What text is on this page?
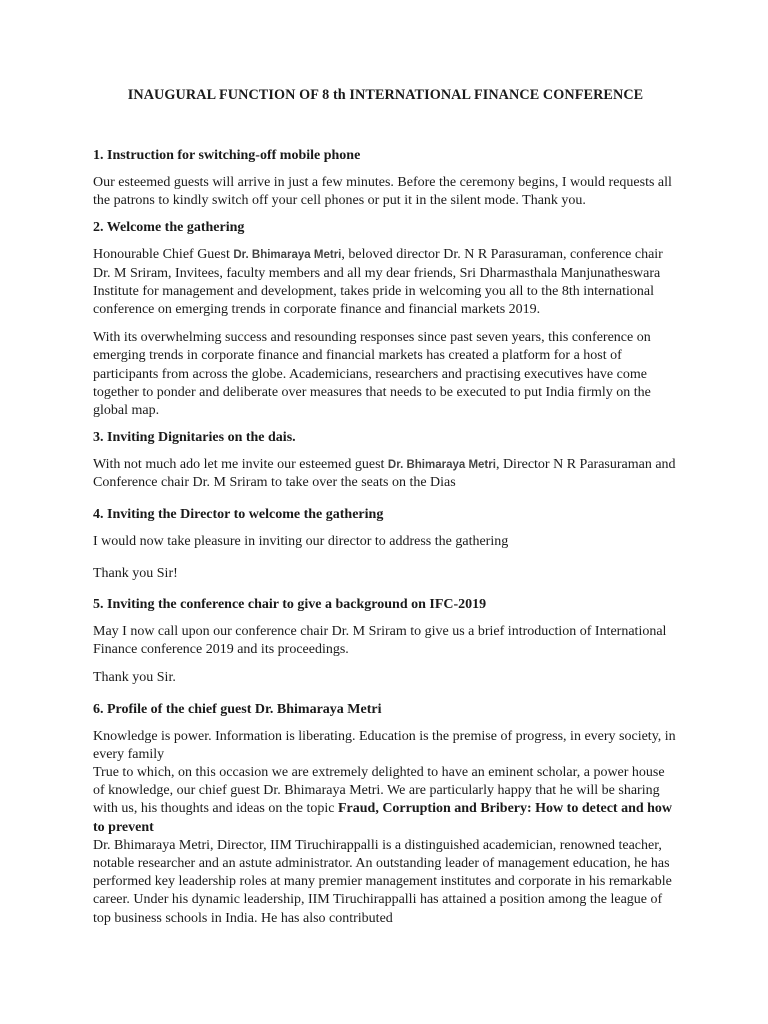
INAUGURAL FUNCTION OF 8 th INTERNATIONAL FINANCE CONFERENCE
1. Instruction for switching-off mobile phone

Our esteemed guests will arrive in just a few minutes. Before the ceremony begins, I would requests all the patrons to kindly switch off your cell phones or put it in the silent mode. Thank you.

2. Welcome the gathering

Honourable Chief Guest Dr. Bhimaraya Metri, beloved director Dr. N R Parasuraman, conference chair Dr. M Sriram, Invitees, faculty members and all my dear friends, Sri Dharmasthala Manjunatheswara Institute for management and development, takes pride in welcoming you all to the 8th international conference on emerging trends in corporate finance and financial markets 2019.

With its overwhelming success and resounding responses since past seven years, this conference on emerging trends in corporate finance and financial markets has created a platform for a host of participants from across the globe. Academicians, researchers and practising executives have come together to ponder and deliberate over measures that needs to be executed to put India firmly on the global map.

3. Inviting Dignitaries on the dais.

With not much ado let me invite our esteemed guest Dr. Bhimaraya Metri, Director N R Parasuraman and Conference chair Dr. M Sriram to take over the seats on the Dias

4. Inviting the Director to welcome the gathering

I would now take pleasure in inviting our director to address the gathering

Thank you Sir!

5. Inviting the conference chair to give a background on IFC-2019

May I now call upon our conference chair Dr. M Sriram to give us a brief introduction of International Finance conference 2019 and its proceedings.

Thank you Sir.

6. Profile of the chief guest Dr. Bhimaraya Metri

Knowledge is power. Information is liberating. Education is the premise of progress, in every society, in every family

True to which, on this occasion we are extremely delighted to have an eminent scholar, a power house of knowledge, our chief guest Dr. Bhimaraya Metri. We are particularly happy that he will be sharing with us, his thoughts and ideas on the topic Fraud, Corruption and Bribery: How to detect and how to prevent

Dr. Bhimaraya Metri, Director, IIM Tiruchirappalli is a distinguished academician, renowned teacher, notable researcher and an astute administrator. An outstanding leader of management education, he has performed key leadership roles at many premier management institutes and corporate in his remarkable career. Under his dynamic leadership, IIM Tiruchirappalli has attained a position among the league of top business schools in India. He has also contributed
